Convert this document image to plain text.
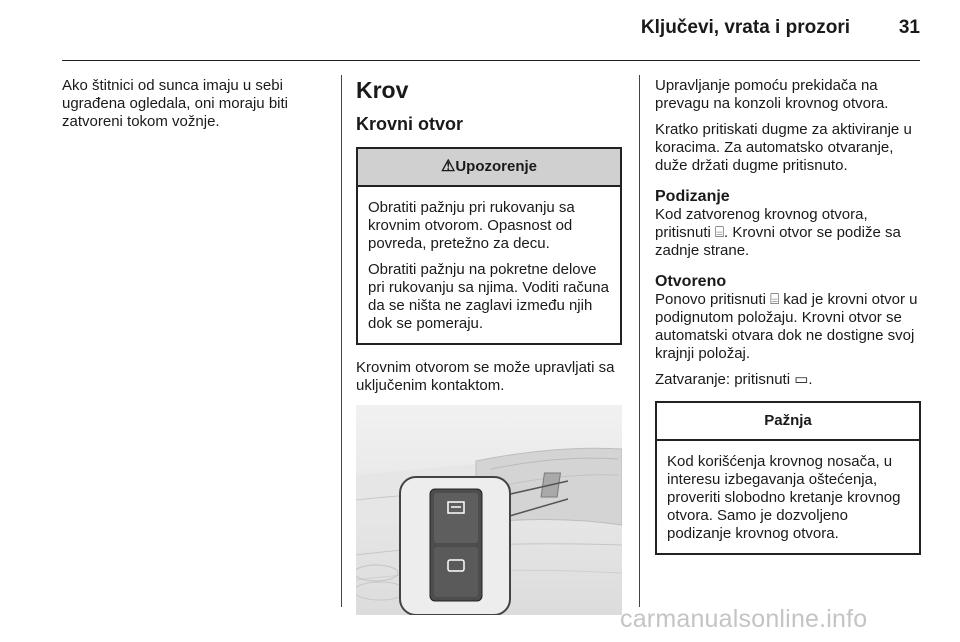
Ključevi, vrata i prozori	31

Ako štitnici od sunca imaju u sebi ugrađena ogledala, oni moraju biti zatvoreni tokom vožnje.

Krov
Krovni otvor
⚠Upozorenje

Obratiti pažnju pri rukovanju sa krovnim otvorom. Opasnost od povreda, pretežno za decu.

Obratiti pažnju na pokretne delove pri rukovanju sa njima. Voditi računa da se ništa ne zaglavi između njih dok se pomeraju.

Krovnim otvorom se može upravljati sa uključenim kontaktom.

Upravljanje pomoću prekidača na prevagu na konzoli krovnog otvora.

Kratko pritiskati dugme za aktiviranje u koracima. Za automatsko otvaranje, duže držati dugme pritisnuto.

Podizanje

Kod zatvorenog krovnog otvora, pritisnuti ⌸. Krovni otvor se podiže sa zadnje strane.

Otvoreno

Ponovo pritisnuti ⌸ kad je krovni otvor u podignutom položaju. Krovni otvor se automatski otvara dok ne dostigne svoj krajnji položaj.

Zatvaranje: pritisnuti ▭.

Pažnja

Kod korišćenja krovnog nosača, u interesu izbegavanja oštećenja, proveriti slobodno kretanje krovnog otvora. Samo je dozvoljeno podizanje krovnog otvora.

carmanualsonline.info
